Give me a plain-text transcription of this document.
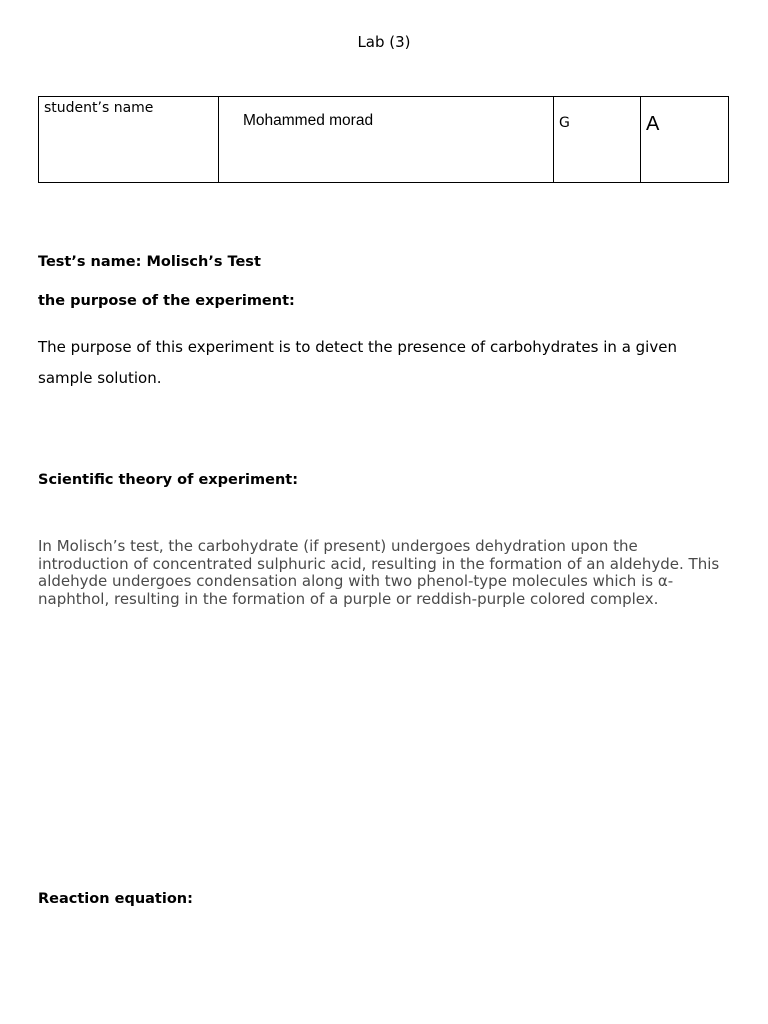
Lab (3)
student’s name	Mohammed morad	G	A
Test’s name: Molisch’s Test
the purpose of the experiment:
The purpose of this experiment is to detect the presence of carbohydrates in a given sample solution.
Scientific theory of experiment:
In Molisch’s test, the carbohydrate (if present) undergoes dehydration upon the introduction of concentrated sulphuric acid, resulting in the formation of an aldehyde. This aldehyde undergoes condensation along with two phenol-type molecules which is α-naphthol, resulting in the formation of a purple or reddish-purple colored complex.
Reaction equation:
